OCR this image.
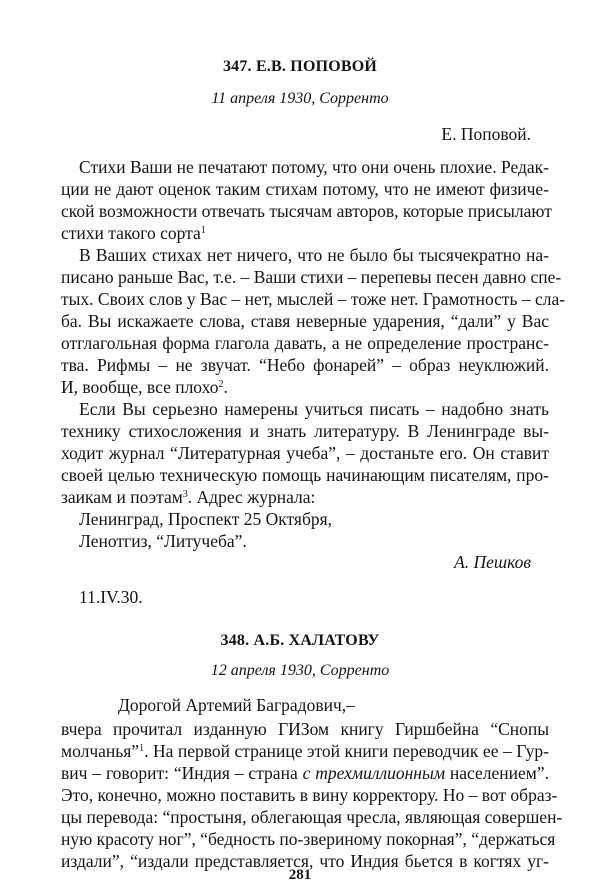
347. Е.В. ПОПОВОЙ
11 апреля 1930, Сорренто
Е. Поповой.
Стихи Ваши не печатают потому, что они очень плохие. Редак-
ции не дают оценок таким стихам потому, что не имеют физиче-
ской возможности отвечать тысячам авторов, которые присылают
стихи такого сорта$^1$
В Ваших стихах нет ничего, что не было бы тысячекратно на-
писано раньше Вас, т.е. – Ваши стихи – перепевы песен давно спе-
тых. Своих слов у Вас – нет, мыслей – тоже нет. Грамотность – сла-
ба. Вы искажаете слова, ставя неверные ударения, “дали” у Вас
отглагольная форма глагола давать, а не определение пространс-
тва. Рифмы – не звучат. “Небо фонарей” – образ неуклюжий.
И, вообще, все плохо$^2$.
Если Вы серьезно намерены учиться писать – надобно знать
технику стихосложения и знать литературу. В Ленинграде вы-
ходит журнал “Литературная учеба”, – достаньте его. Он ставит
своей целью техническую помощь начинающим писателям, про-
заикам и поэтам$^3$. Адрес журнала:
Ленинград, Проспект 25 Октября,
Ленотгиз, “Литучеба”.
А. Пешков
11.IV.30.
348. А.Б. ХАЛАТОВУ
12 апреля 1930, Сорренто
Дорогой Артемий Баградович,–
вчера прочитал изданную ГИЗом книгу Гиршбейна “Снопы
молчанья”$^1$. На первой странице этой книги переводчик ее – Гур-
вич – говорит: “Индия – страна с трехмиллионным населением”.
Это, конечно, можно поставить в вину корректору. Но – вот образ-
цы перевода: “простыня, облегающая чресла, являющая совершен-
ную красоту ног”, “бедность по-звериному покорная”, “держаться
издали”, “издали представляется, что Индия бьется в когтях уг-
281
